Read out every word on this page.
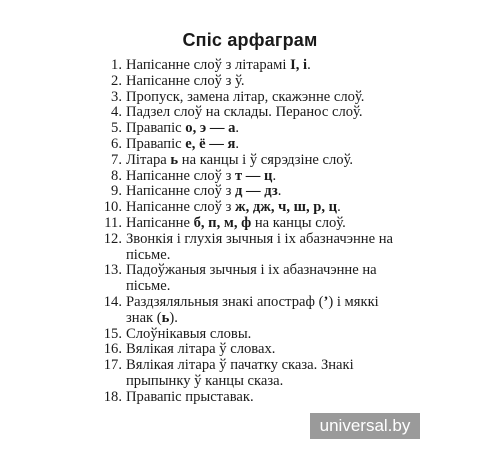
Спіс арфаграм
1. Напісанне слоў з літарамі І, і.
2. Напісанне слоў з ў.
3. Пропуск, замена літар, скажэнне слоў.
4. Падзел слоў на склады. Перанос слоў.
5. Правапіс о, э — а.
6. Правапіс е, ё — я.
7. Літара ь на канцы і ў сярэдзіне слоў.
8. Напісанне слоў з т — ц.
9. Напісанне слоў з д — дз.
10. Напісанне слоў з ж, дж, ч, ш, р, ц.
11. Напісанне б, п, м, ф на канцы слоў.
12. Звонкія і глухія зычныя і іх абазначэнне на пісьме.
13. Падоўжаныя зычныя і іх абазначэнне на пісьме.
14. Раздзяляльныя знакі апостраф (’) і мяккі знак (ь).
15. Слоўнікавыя словы.
16. Вялікая літара ў словах.
17. Вялікая літара ў пачатку сказа. Знакі прыпынку ў канцы сказа.
18. Правапіс прыставак.
universal.by
